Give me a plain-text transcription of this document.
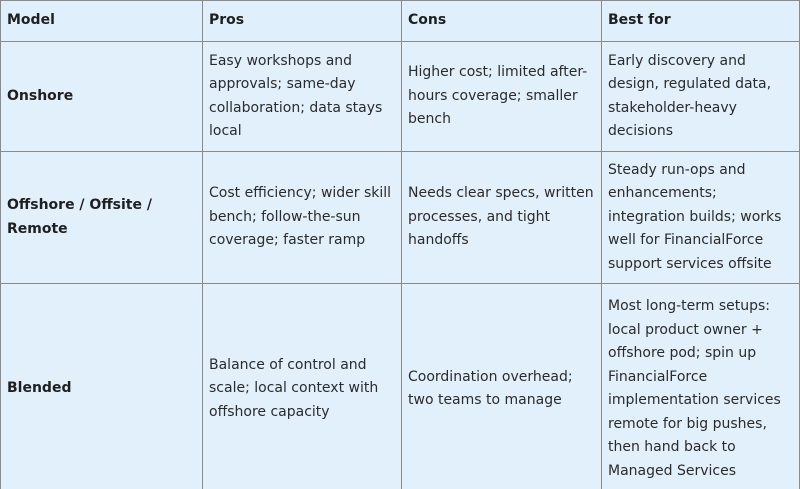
Model	Pros	Cons	Best for
Onshore	Easy workshops and approvals; same-day collaboration; data stays local	Higher cost; limited after-hours coverage; smaller bench	Early discovery and design, regulated data, stakeholder-heavy decisions
Offshore / Offsite / Remote	Cost efficiency; wider skill bench; follow-the-sun coverage; faster ramp	Needs clear specs, written processes, and tight handoffs	Steady run-ops and enhancements; integration builds; works well for FinancialForce support services offsite
Blended	Balance of control and scale; local context with offshore capacity	Coordination overhead; two teams to manage	Most long-term setups: local product owner + offshore pod; spin up FinancialForce implementation services remote for big pushes, then hand back to Managed Services
